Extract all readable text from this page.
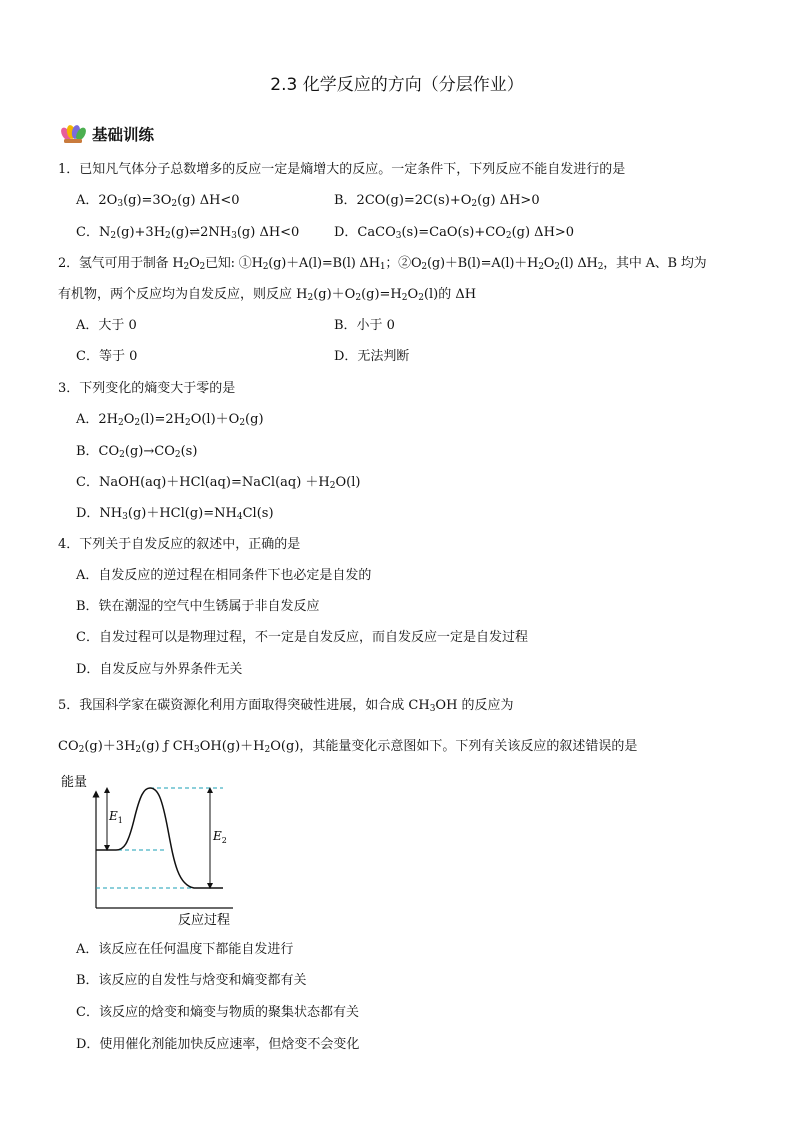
2.3 化学反应的方向（分层作业）
基础训练
1．已知凡气体分子总数增多的反应一定是熵增大的反应。一定条件下，下列反应不能自发进行的是
A．$2O_3(g)=3O_2(g)$ ΔH<0	B．$2CO(g)=2C(s)+O_2(g)$ ΔH>0
C．$N_2(g)+3H_2(g)\rightleftharpoons 2NH_3(g)$ ΔH<0	D．$CaCO_3(s)=CaO(s)+CO_2(g)$ ΔH>0
2．氢气可用于制备 $H_2O_2$已知: $①H_2(g)+A(l)=B(l)$ $\Delta H_1$；$②O_2(g)+B(l)=A(l)+H_2O_2(l)$ $\Delta H_2$，其中 A、B 均为
有机物，两个反应均为自发反应，则反应 $H_2(g)+O_2(g)=H_2O_2(l)$的 ΔH
A．大于 0	B．小于 0
C．等于 0	D．无法判断
3．下列变化的熵变大于零的是
A．$2H_2O_2(l)=2H_2O(l)+O_2(g)$
B．$CO_2(g)\to CO_2(s)$
C．NaOH(aq)＋HCl(aq)=NaCl(aq) $+H_2O(l)$
D．$NH_3(g)+HCl(g)=NH_4Cl(s)$
4．下列关于自发反应的叙述中，正确的是
A．自发反应的逆过程在相同条件下也必定是自发的
B．铁在潮湿的空气中生锈属于非自发反应
C．自发过程可以是物理过程，不一定是自发反应，而自发反应一定是自发过程
D．自发反应与外界条件无关
5．我国科学家在碳资源化利用方面取得突破性进展，如合成 $CH_3OH$ 的反应为
$CO_2(g)+3H_2(g)$ ƒ $CH_3OH(g)+H_2O(g)$，其能量变化示意图如下。下列有关该反应的叙述错误的是
能量
反应过程
$E_1$
$E_2$
A．该反应在任何温度下都能自发进行
B．该反应的自发性与焓变和熵变都有关
C．该反应的焓变和熵变与物质的聚集状态都有关
D．使用催化剂能加快反应速率，但焓变不会变化
